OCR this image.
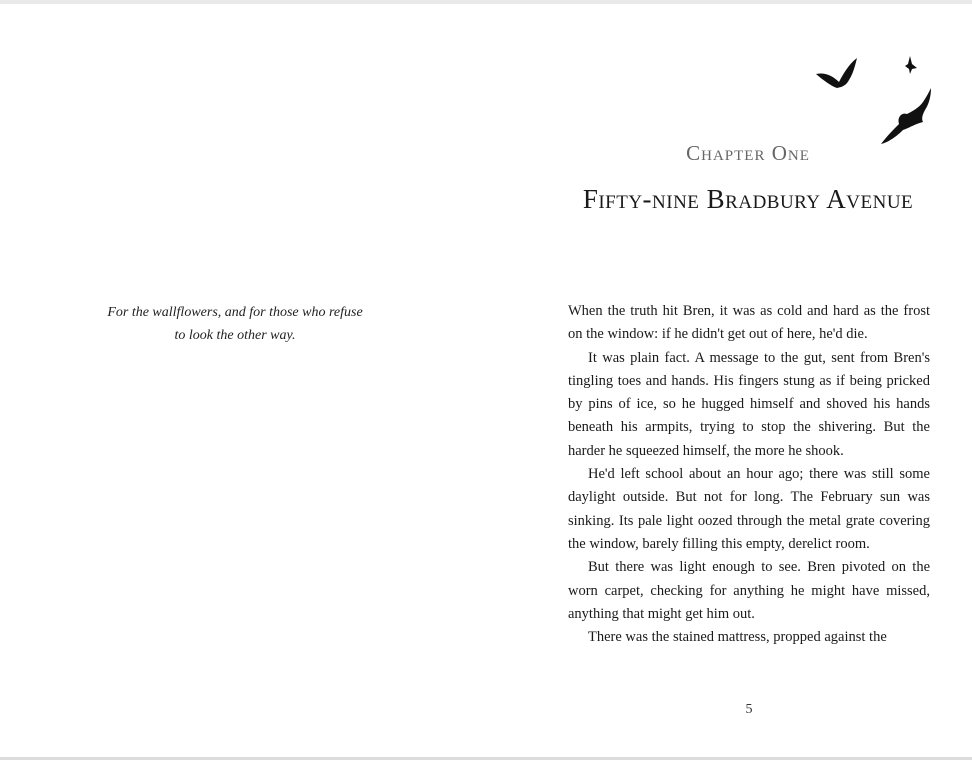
For the wallflowers, and for those who refuse to look the other way.
Chapter One
Fifty-nine Bradbury Avenue

When the truth hit Bren, it was as cold and hard as the frost on the window: if he didn't get out of here, he'd die.

It was plain fact. A message to the gut, sent from Bren's tingling toes and hands. His fingers stung as if being pricked by pins of ice, so he hugged himself and shoved his hands beneath his armpits, trying to stop the shivering. But the harder he squeezed himself, the more he shook.

He'd left school about an hour ago; there was still some daylight outside. But not for long. The February sun was sinking. Its pale light oozed through the metal grate covering the window, barely filling this empty, derelict room.

But there was light enough to see. Bren pivoted on the worn carpet, checking for anything he might have missed, anything that might get him out.

There was the stained mattress, propped against the

5
